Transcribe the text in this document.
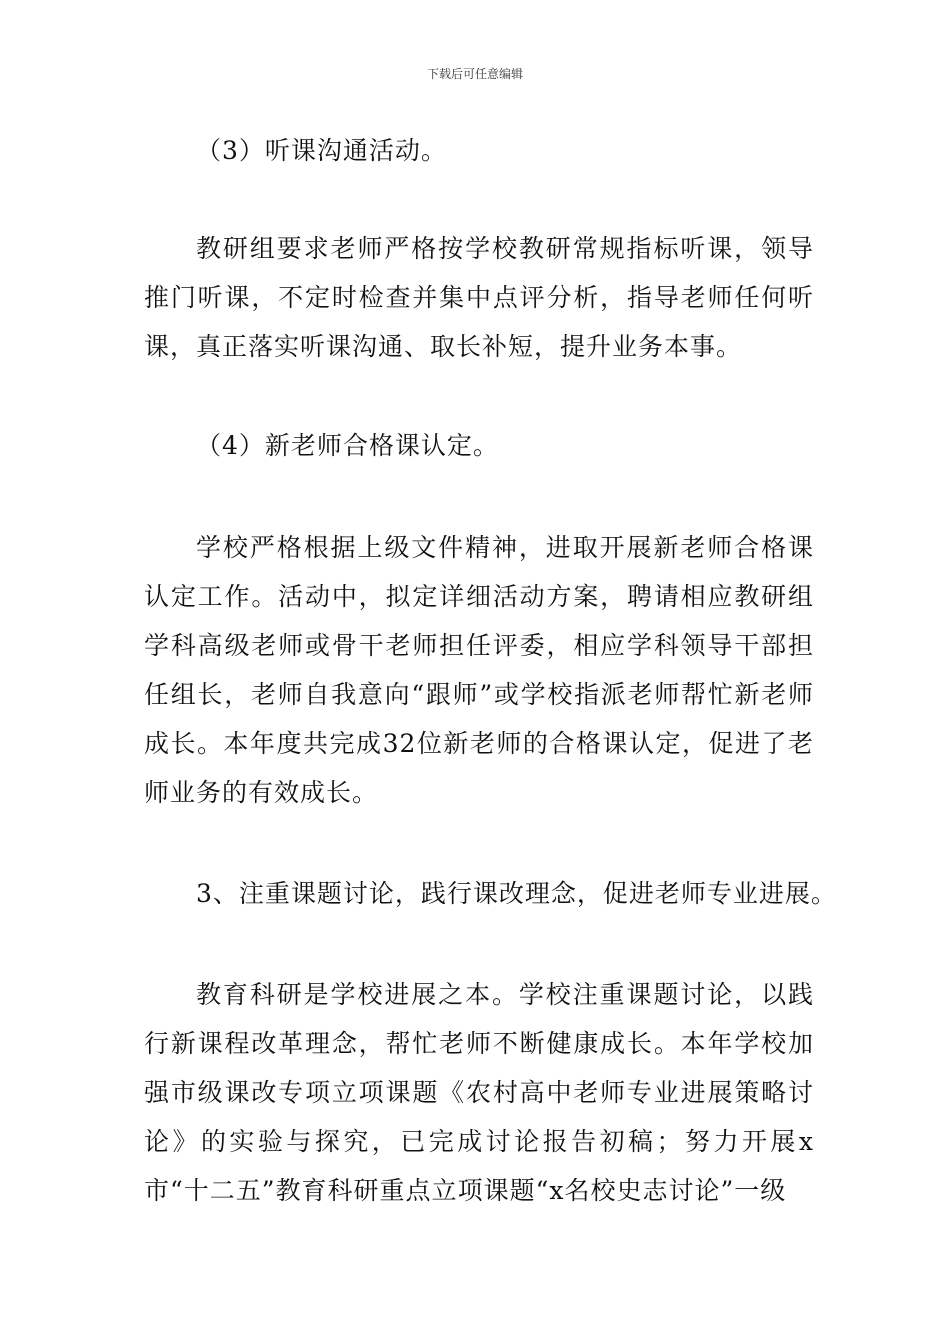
下载后可任意编辑

（3）听课沟通活动。

教研组要求老师严格按学校教研常规指标听课，领导推门听课，不定时检查并集中点评分析，指导老师任何听课，真正落实听课沟通、取长补短，提升业务本事。

（4）新老师合格课认定。

学校严格根据上级文件精神，进取开展新老师合格课认定工作。活动中，拟定详细活动方案，聘请相应教研组学科高级老师或骨干老师担任评委，相应学科领导干部担任组长，老师自我意向“跟师”或学校指派老师帮忙新老师成长。本年度共完成32位新老师的合格课认定，促进了老师业务的有效成长。

3、注重课题讨论，践行课改理念，促进老师专业进展。

教育科研是学校进展之本。学校注重课题讨论，以践行新课程改革理念，帮忙老师不断健康成长。本年学校加强市级课改专项立项课题《农村高中老师专业进展策略讨论》的实验与探究，已完成讨论报告初稿；努力开展x市“十二五”教育科研重点立项课题“x名校史志讨论”一级
